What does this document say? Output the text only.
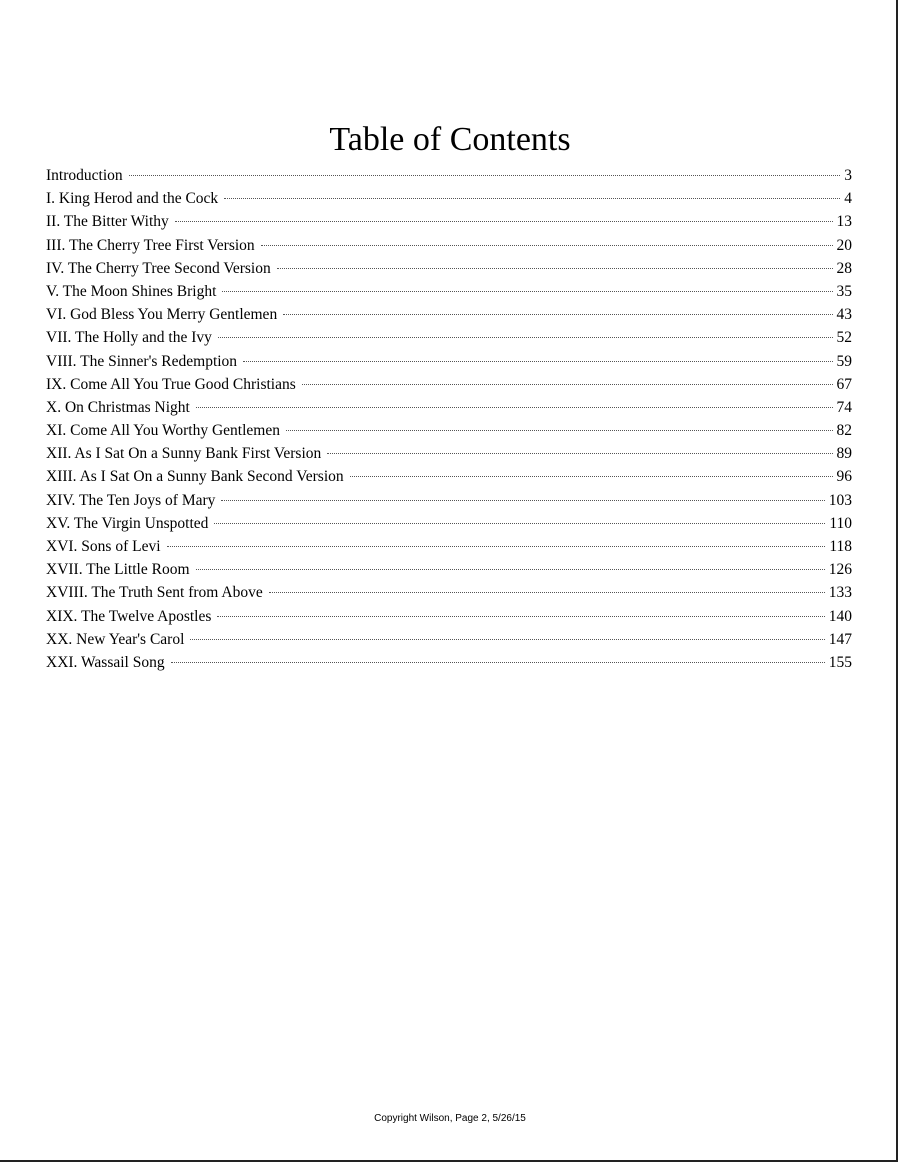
Table of Contents
Introduction	3
I. King Herod and the Cock	4
II. The Bitter Withy	13
III. The Cherry Tree First Version	20
IV. The Cherry Tree Second Version	28
V. The Moon Shines Bright	35
VI. God Bless You Merry Gentlemen	43
VII. The Holly and the Ivy	52
VIII. The Sinner's Redemption	59
IX. Come All You True Good Christians	67
X. On Christmas Night	74
XI. Come All You Worthy Gentlemen	82
XII. As I Sat On a Sunny Bank First Version	89
XIII. As I Sat On a Sunny Bank Second Version	96
XIV. The Ten Joys of Mary	103
XV. The Virgin Unspotted	110
XVI. Sons of Levi	118
XVII. The Little Room	126
XVIII. The Truth Sent from Above	133
XIX. The Twelve Apostles	140
XX. New Year's Carol	147
XXI. Wassail Song	155
Copyright Wilson, Page 2, 5/26/15
